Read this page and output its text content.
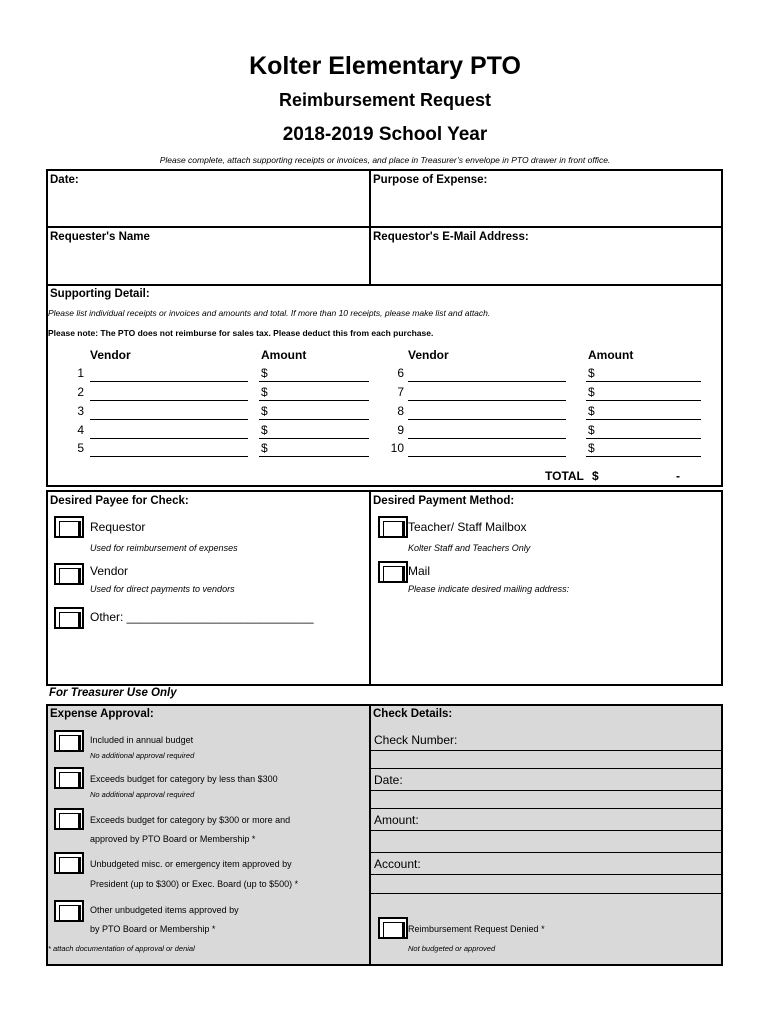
Kolter Elementary PTO
Reimbursement Request
2018-2019 School Year
Please complete, attach supporting receipts or invoices, and place in Treasurer’s envelope in PTO drawer in front office.
Date:	Purpose of Expense:
Requester's Name	Requestor's E-Mail Address:
Supporting Detail:
Please list individual receipts or invoices and amounts and total. If more than 10 receipts, please make list and attach.
Please note: The PTO does not reimburse for sales tax. Please deduct this from each purchase.
Vendor	Amount	Vendor	Amount
1	$
2	$
3	$
4	$
5	$
6	$
7	$
8	$
9	$
10	$
TOTAL $	-
Desired Payee for Check:	Desired Payment Method:
Requestor
Used for reimbursement of expenses
Vendor
Used for direct payments to vendors
Other: ____________________________
Teacher/ Staff Mailbox
Kolter Staff and Teachers Only
Mail
Please indicate desired mailing address:
For Treasurer Use Only
Expense Approval:	Check Details:
Included in annual budget
No additional approval required
Exceeds budget for category by less than $300
No additional approval required
Exceeds budget for category by $300 or more and
approved by PTO Board or Membership *
Unbudgeted misc. or emergency item approved by
President (up to $300) or Exec. Board (up to $500) *
Other unbudgeted items approved by
by PTO Board or Membership *
* attach documentation of approval or denial
Check Number:
Date:
Amount:
Account:
Reimbursement Request Denied *
Not budgeted or approved
